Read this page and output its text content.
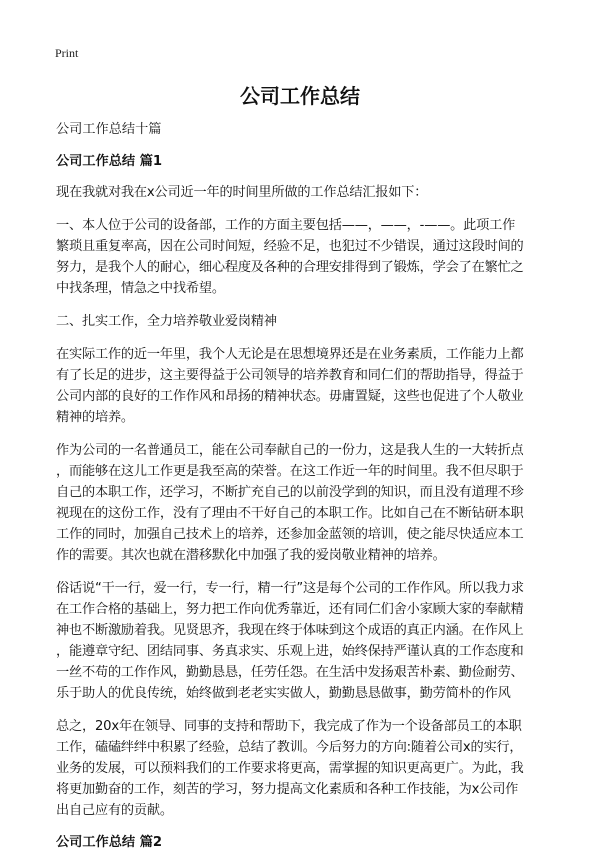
Print
公司工作总结
公司工作总结十篇
公司工作总结 篇1
现在我就对我在x公司近一年的时间里所做的工作总结汇报如下：
一、本人位于公司的设备部，工作的方面主要包括——，——，-——。此项工作
繁琐且重复率高，因在公司时间短，经验不足，也犯过不少错误，通过这段时间的
努力，是我个人的耐心，细心程度及各种的合理安排得到了锻炼，学会了在繁忙之
中找条理，情急之中找希望。
二、扎实工作，全力培养敬业爱岗精神
在实际工作的近一年里，我个人无论是在思想境界还是在业务素质，工作能力上都
有了长足的进步，这主要得益于公司领导的培养教育和同仁们的帮助指导，得益于
公司内部的良好的工作作风和昂扬的精神状态。毋庸置疑，这些也促进了个人敬业
精神的培养。
作为公司的一名普通员工，能在公司奉献自己的一份力，这是我人生的一大转折点
，而能够在这儿工作更是我至高的荣誉。在这工作近一年的时间里。我不但尽职于
自己的本职工作，还学习，不断扩充自己的以前没学到的知识，而且没有道理不珍
视现在的这份工作，没有了理由不干好自己的本职工作。比如自己在不断钻研本职
工作的同时，加强自己技术上的培养，还参加金蓝领的培训，使之能尽快适应本工
作的需要。其次也就在潜移默化中加强了我的爱岗敬业精神的培养。
俗话说“干一行，爱一行，专一行，精一行”这是每个公司的工作作风。所以我力求
在工作合格的基础上，努力把工作向优秀靠近，还有同仁们舍小家顾大家的奉献精
神也不断激励着我。见贤思齐，我现在终于体味到这个成语的真正内涵。在作风上
，能遵章守纪、团结同事、务真求实、乐观上进，始终保持严谨认真的工作态度和
一丝不苟的工作作风，勤勤恳恳，任劳任怨。在生活中发扬艰苦朴素、勤俭耐劳、
乐于助人的优良传统，始终做到老老实实做人，勤勤恳恳做事，勤劳简朴的作风
总之，20x年在领导、同事的支持和帮助下，我完成了作为一个设备部员工的本职
工作，磕磕绊绊中积累了经验，总结了教训。今后努力的方向:随着公司x的实行，
业务的发展，可以预料我们的工作要求将更高，需掌握的知识更高更广。为此，我
将更加勤奋的工作，刻苦的学习，努力提高文化素质和各种工作技能，为x公司作
出自己应有的贡献。
公司工作总结 篇2
